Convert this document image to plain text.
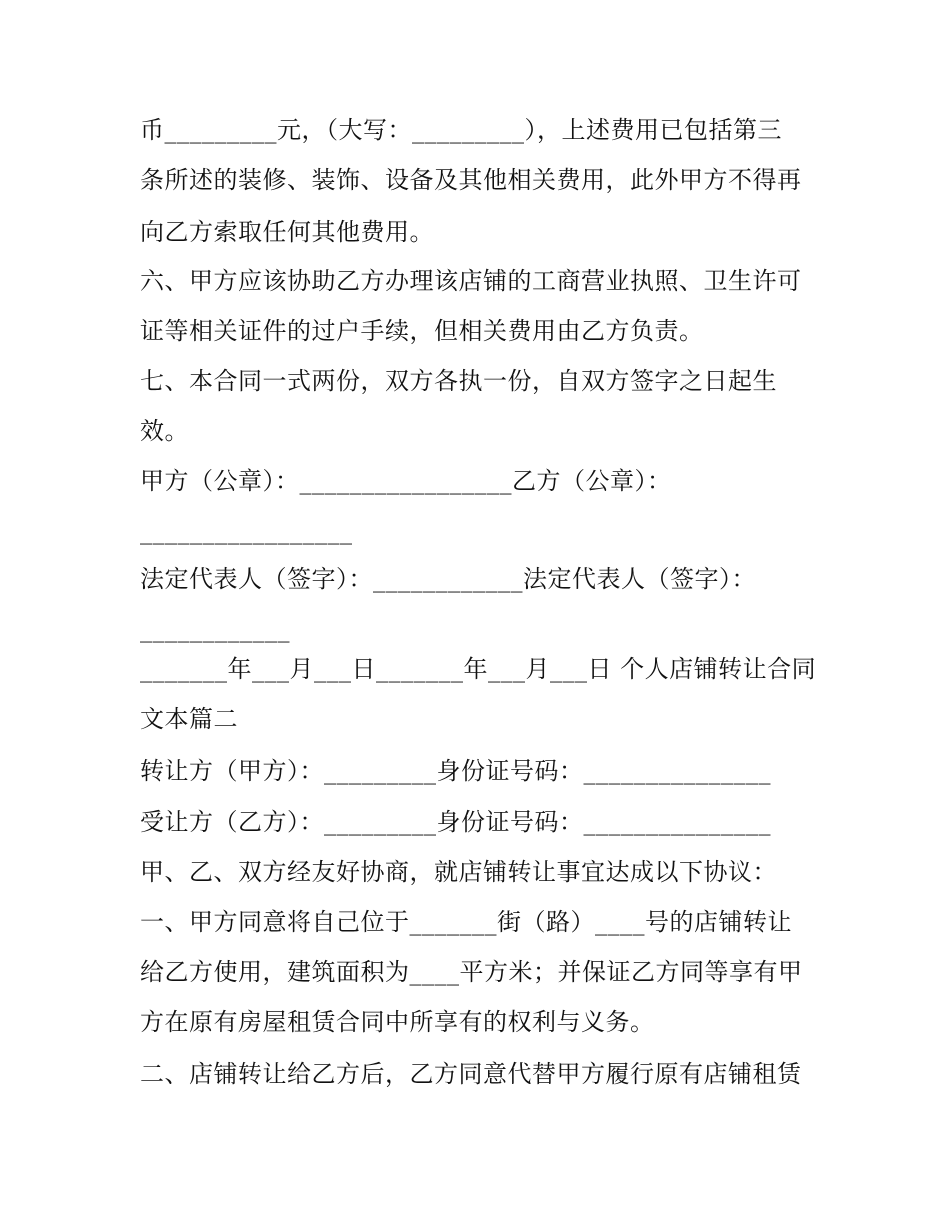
币_________元，（大写：_________），上述费用已包括第三
条所述的装修、装饰、设备及其他相关费用，此外甲方不得再
向乙方索取任何其他费用。
六、甲方应该协助乙方办理该店铺的工商营业执照、卫生许可
证等相关证件的过户手续，但相关费用由乙方负责。
七、本合同一式两份，双方各执一份，自双方签字之日起生
效。
甲方（公章）：_________________乙方（公章）：
_________________
法定代表人（签字）：____________法定代表人（签字）：
____________
_______年___月___日_______年___月___日 个人店铺转让合同
文本篇二
转让方（甲方）：_________身份证号码：_______________
受让方（乙方）：_________身份证号码：_______________
甲、乙、双方经友好协商，就店铺转让事宜达成以下协议：
一、甲方同意将自己位于_______街（路）____号的店铺转让
给乙方使用，建筑面积为____平方米；并保证乙方同等享有甲
方在原有房屋租赁合同中所享有的权利与义务。
二、店铺转让给乙方后，乙方同意代替甲方履行原有店铺租赁
